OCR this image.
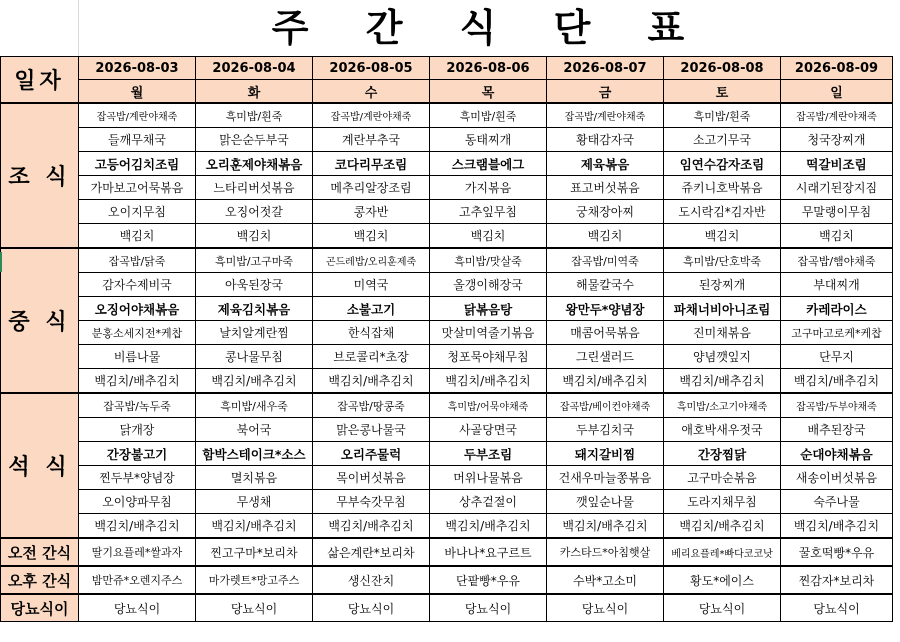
주 간 식 단 표
일자	2026-08-03	2026-08-04	2026-08-05	2026-08-06	2026-08-07	2026-08-08	2026-08-09
	월	화	수	목	금	토	일
조 식	잡곡밥/계란야채죽	흑미밥/흰죽	잡곡밥/계란야채죽	흑미밥/흰죽	잡곡밥/계란야채죽	흑미밥/흰죽	잡곡밥/계란야채죽
	들깨무채국	맑은순두부국	계란부추국	동태찌개	황태감자국	소고기무국	청국장찌개
	고등어김치조림	오리훈제야채볶음	코다리무조림	스크램블에그	제육볶음	임연수감자조림	떡갈비조림
	가마보고어묵볶음	느타리버섯볶음	메추리알장조림	가지볶음	표고버섯볶음	쥬키니호박볶음	시래기된장지짐
	오이지무침	오징어젓갈	콩자반	고추잎무침	궁채장아찌	도시락김*김자반	무말랭이무침
	백김치	백김치	백김치	백김치	백김치	백김치	백김치
중 식	잡곡밥/닭죽	흑미밥/고구마죽	곤드레밥/오리훈제죽	흑미밥/맛살죽	잡곡밥/미역죽	흑미밥/단호박죽	잡곡밥/햄야채죽
	감자수제비국	아욱된장국	미역국	올갱이해장국	해물칼국수	된장찌개	부대찌개
	오징어야채볶음	제육김치볶음	소불고기	닭볶음탕	왕만두*양념장	파채너비아니조림	카레라이스
	분홍소세지전*케찹	날치알계란찜	한식잡채	맛살미역줄기볶음	매콤어묵볶음	진미채볶음	고구마고로케*케찹
	비름나물	콩나물무침	브로콜리*초장	청포묵야채무침	그린샐러드	양념깻잎지	단무지
	백김치/배추김치	백김치/배추김치	백김치/배추김치	백김치/배추김치	백김치/배추김치	백김치/배추김치	백김치/배추김치
석 식	잡곡밥/녹두죽	흑미밥/새우죽	잡곡밥/땅콩죽	흑미밥/어묵야채죽	잡곡밥/베이컨야채죽	흑미밥/소고기야채죽	잡곡밥/두부야채죽
	닭개장	북어국	맑은콩나물국	사골당면국	두부김치국	애호박새우젓국	배추된장국
	간장불고기	함박스테이크*소스	오리주물럭	두부조림	돼지갈비찜	간장찜닭	순대야채볶음
	찐두부*양념장	멸치볶음	목이버섯볶음	머위나물볶음	건새우마늘쫑볶음	고구마순볶음	새송이버섯볶음
	오이양파무침	무생채	무부숙갓무침	상추겉절이	깻잎순나물	도라지채무침	숙주나물
	백김치/배추김치	백김치/배추김치	백김치/배추김치	백김치/배추김치	백김치/배추김치	백김치/배추김치	백김치/배추김치
오전 간식	딸기요플레*쌀과자	찐고구마*보리차	삶은계란*보리차	바나나*요구르트	카스타드*아침햇살	베리요플레*빠다코코낫	꿀호떡빵*우유
오후 간식	밤만쥬*오렌지주스	마가렛트*망고주스	생신잔치	단팥빵*우유	수박*고소미	황도*에이스	찐감자*보리차
당뇨식이	당뇨식이	당뇨식이	당뇨식이	당뇨식이	당뇨식이	당뇨식이	당뇨식이
